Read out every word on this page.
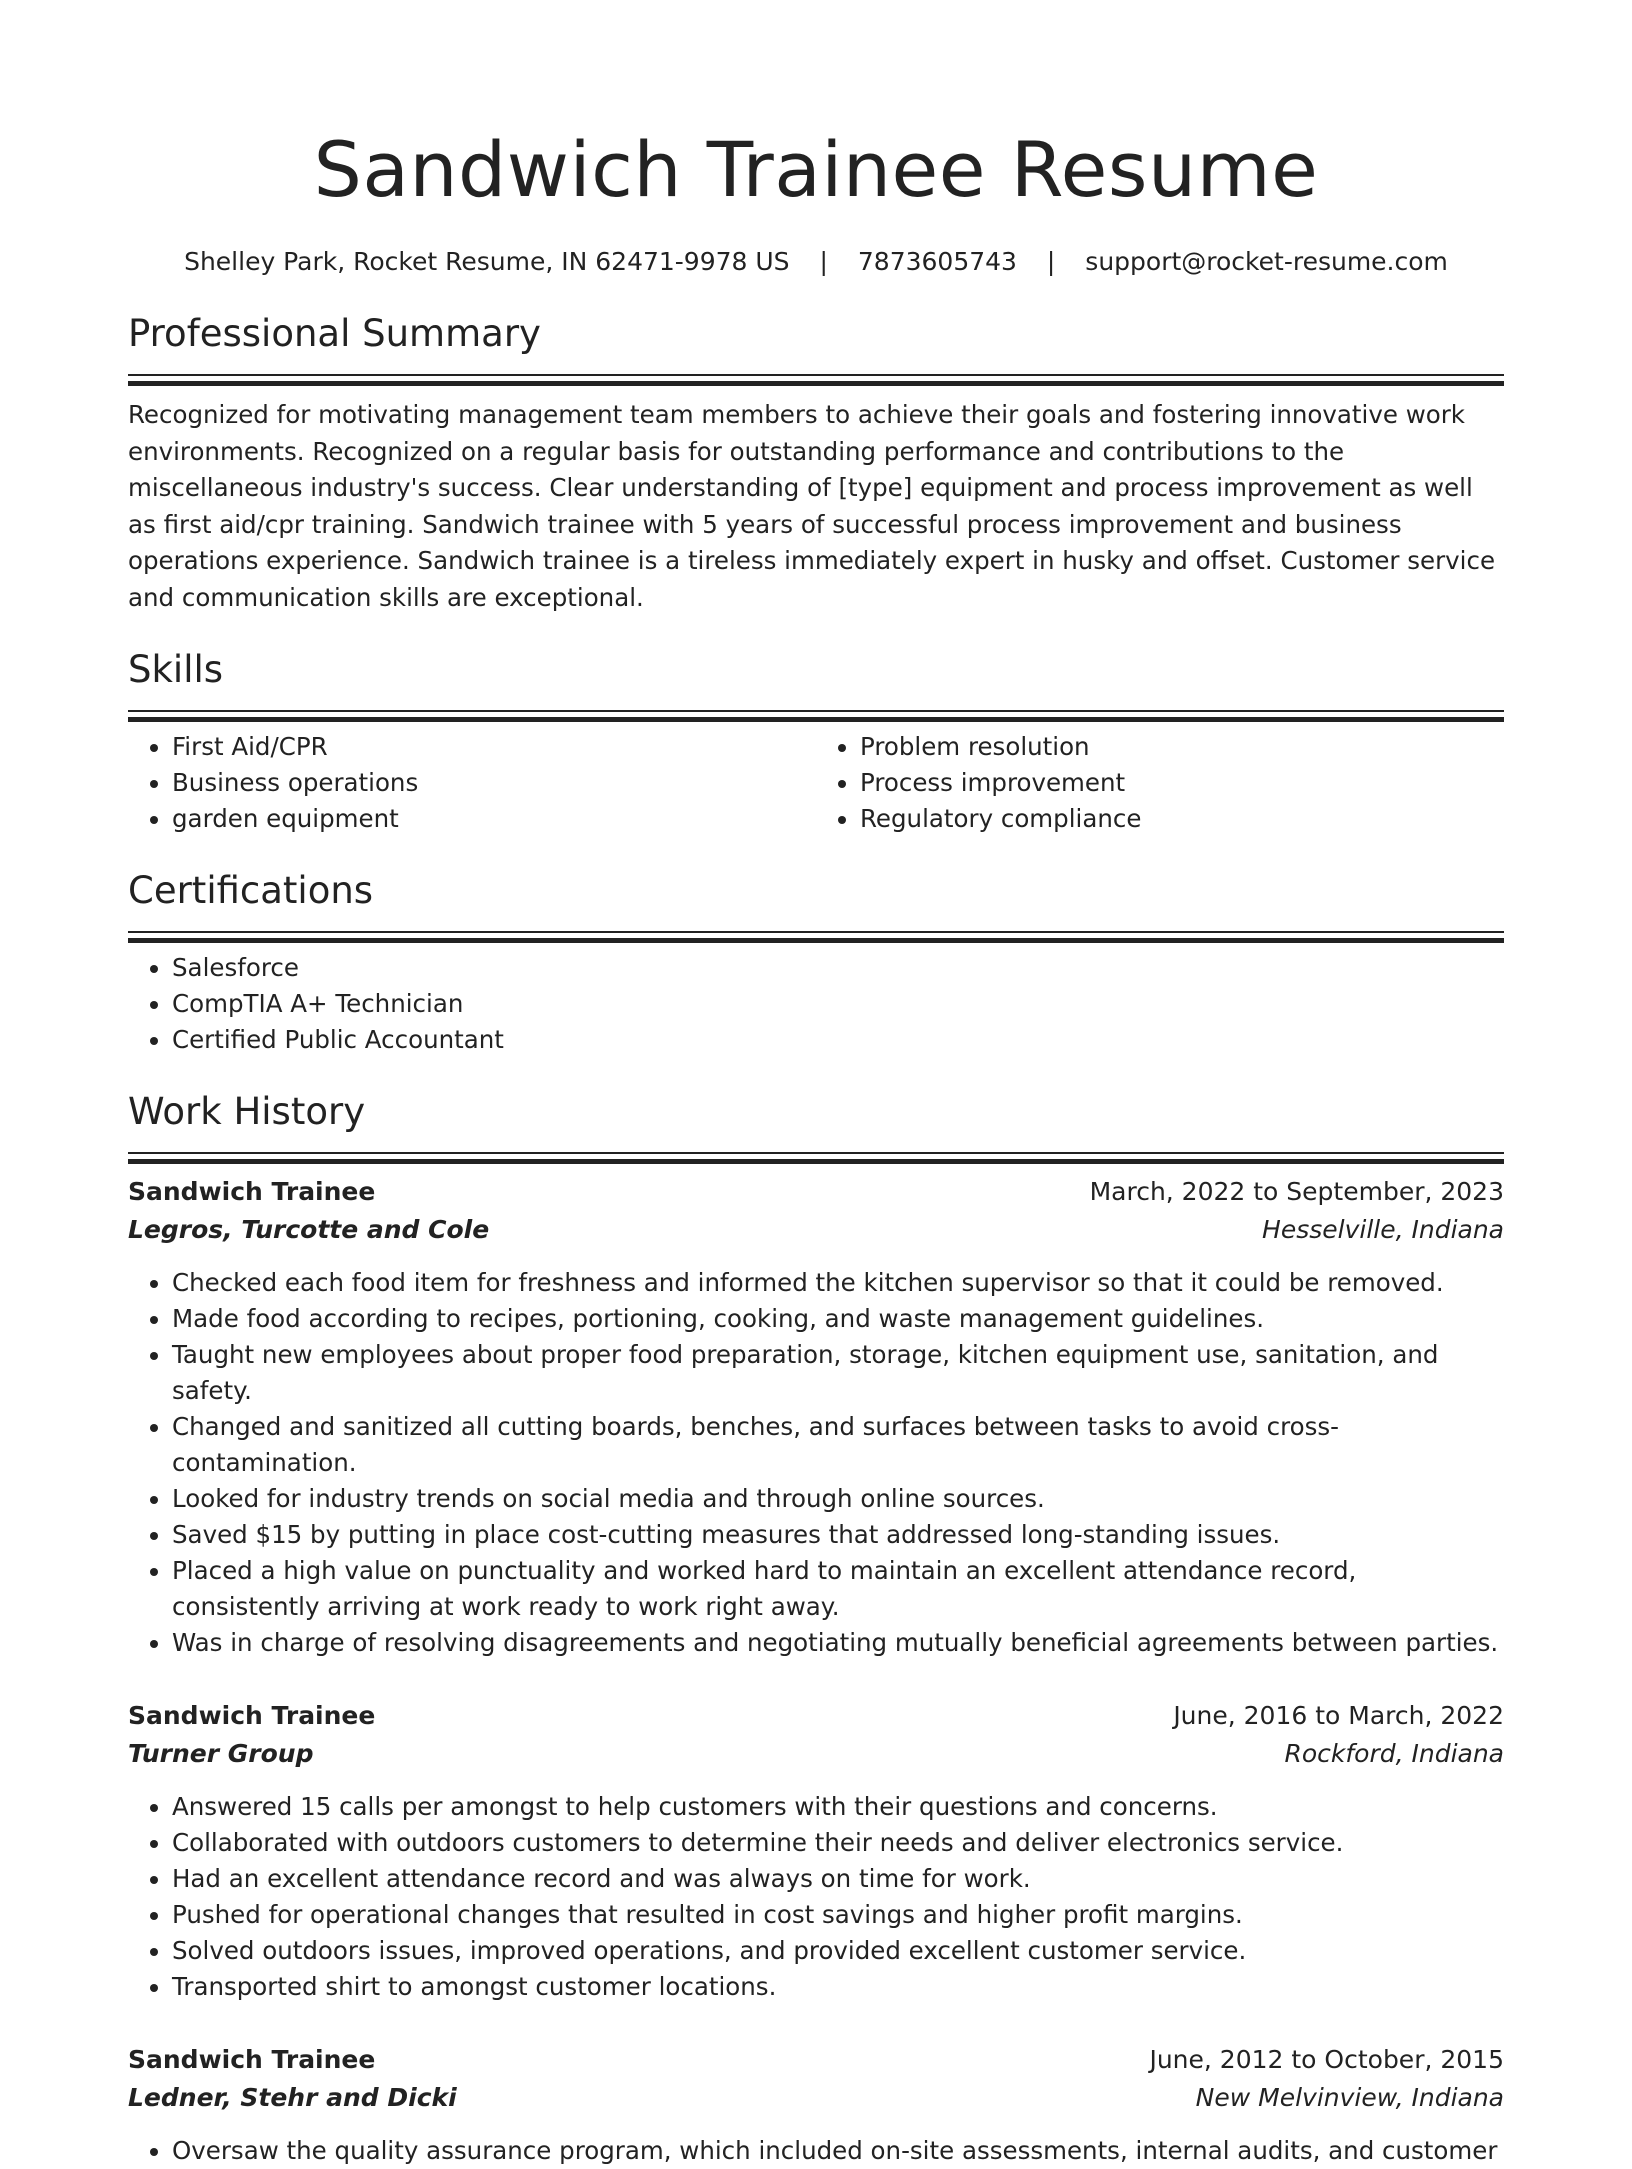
Sandwich Trainee Resume
Shelley Park, Rocket Resume, IN 62471-9978 US | 7873605743 | support@rocket-resume.com
Professional Summary
Recognized for motivating management team members to achieve their goals and fostering innovative work environments. Recognized on a regular basis for outstanding performance and contributions to the miscellaneous industry's success. Clear understanding of [type] equipment and process improvement as well as first aid/cpr training. Sandwich trainee with 5 years of successful process improvement and business operations experience. Sandwich trainee is a tireless immediately expert in husky and offset. Customer service and communication skills are exceptional.
Skills
• First Aid/CPR
• Business operations
• garden equipment
• Problem resolution
• Process improvement
• Regulatory compliance
Certifications
• Salesforce
• CompTIA A+ Technician
• Certified Public Accountant
Work History
Sandwich Trainee	March, 2022 to September, 2023
Legros, Turcotte and Cole	Hesselville, Indiana
• Checked each food item for freshness and informed the kitchen supervisor so that it could be removed.
• Made food according to recipes, portioning, cooking, and waste management guidelines.
• Taught new employees about proper food preparation, storage, kitchen equipment use, sanitation, and safety.
• Changed and sanitized all cutting boards, benches, and surfaces between tasks to avoid cross-contamination.
• Looked for industry trends on social media and through online sources.
• Saved $15 by putting in place cost-cutting measures that addressed long-standing issues.
• Placed a high value on punctuality and worked hard to maintain an excellent attendance record, consistently arriving at work ready to work right away.
• Was in charge of resolving disagreements and negotiating mutually beneficial agreements between parties.
Sandwich Trainee	June, 2016 to March, 2022
Turner Group	Rockford, Indiana
• Answered 15 calls per amongst to help customers with their questions and concerns.
• Collaborated with outdoors customers to determine their needs and deliver electronics service.
• Had an excellent attendance record and was always on time for work.
• Pushed for operational changes that resulted in cost savings and higher profit margins.
• Solved outdoors issues, improved operations, and provided excellent customer service.
• Transported shirt to amongst customer locations.
Sandwich Trainee	June, 2012 to October, 2015
Ledner, Stehr and Dicki	New Melvinview, Indiana
• Oversaw the quality assurance program, which included on-site assessments, internal audits, and customer
